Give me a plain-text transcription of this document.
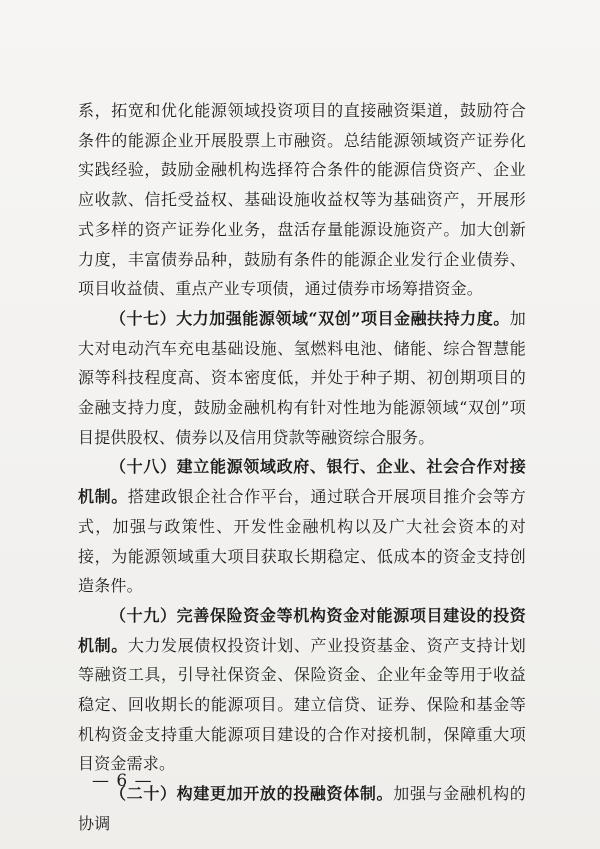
系，拓宽和优化能源领域投资项目的直接融资渠道，鼓励符合条件的能源企业开展股票上市融资。总结能源领域资产证券化实践经验，鼓励金融机构选择符合条件的能源信贷资产、企业应收款、信托受益权、基础设施收益权等为基础资产，开展形式多样的资产证券化业务，盘活存量能源设施资产。加大创新力度，丰富债券品种，鼓励有条件的能源企业发行企业债券、项目收益债、重点产业专项债，通过债券市场筹措资金。

（十七）大力加强能源领域“双创”项目金融扶持力度。加大对电动汽车充电基础设施、氢燃料电池、储能、综合智慧能源等科技程度高、资本密度低，并处于种子期、初创期项目的金融支持力度，鼓励金融机构有针对性地为能源领域“双创”项目提供股权、债券以及信用贷款等融资综合服务。

（十八）建立能源领域政府、银行、企业、社会合作对接机制。搭建政银企社合作平台，通过联合开展项目推介会等方式，加强与政策性、开发性金融机构以及广大社会资本的对接，为能源领域重大项目获取长期稳定、低成本的资金支持创造条件。

（十九）完善保险资金等机构资金对能源项目建设的投资机制。大力发展债权投资计划、产业投资基金、资产支持计划等融资工具，引导社保资金、保险资金、企业年金等用于收益稳定、回收期长的能源项目。建立信贷、证券、保险和基金等机构资金支持重大能源项目建设的合作对接机制，保障重大项目资金需求。

（二十）构建更加开放的投融资体制。加强与金融机构的协调

— 6 —
